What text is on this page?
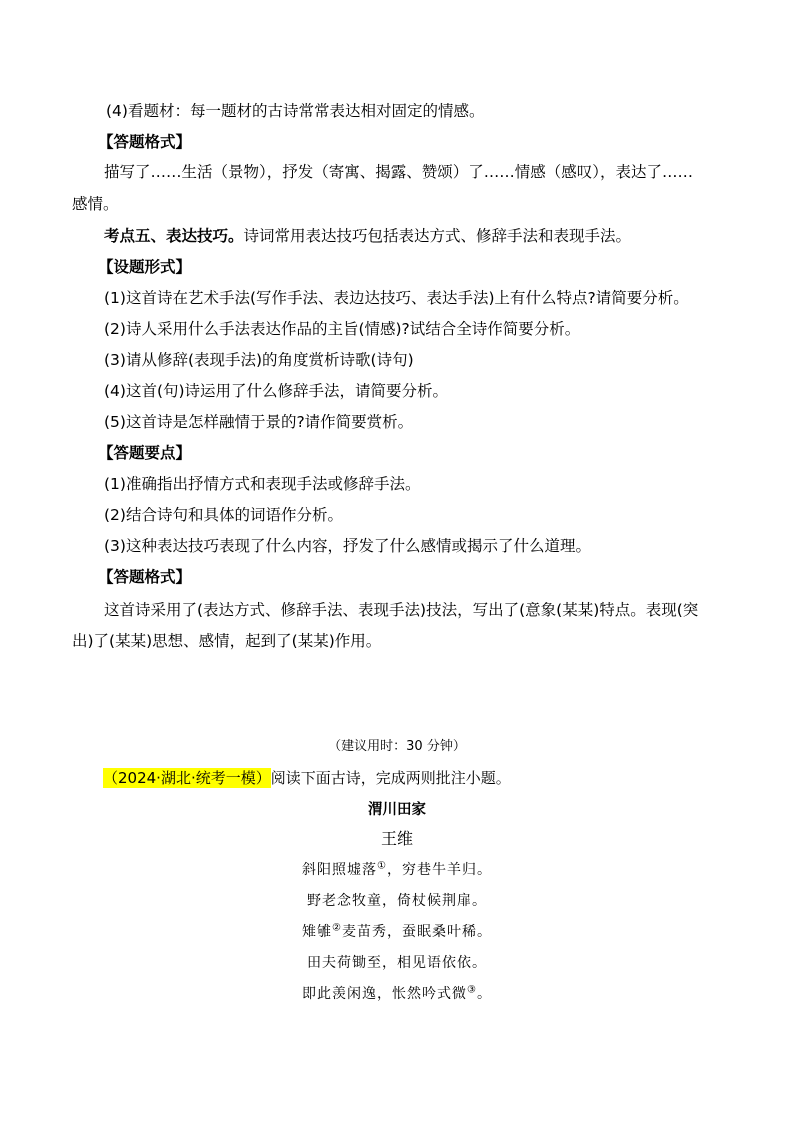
(4)看题材：每一题材的古诗常常表达相对固定的情感。
【答题格式】
描写了……生活（景物），抒发（寄寓、揭露、赞颂）了……情感（感叹），表达了……
感情。
考点五、表达技巧。诗词常用表达技巧包括表达方式、修辞手法和表现手法。
【设题形式】
(1)这首诗在艺术手法(写作手法、表边达技巧、表达手法)上有什么特点?请简要分析。
(2)诗人采用什么手法表达作品的主旨(情感)?试结合全诗作简要分析。
(3)请从修辞(表现手法)的角度赏析诗歌(诗句)
(4)这首(句)诗运用了什么修辞手法，请简要分析。
(5)这首诗是怎样融情于景的?请作简要赏析。
【答题要点】
(1)准确指出抒情方式和表现手法或修辞手法。
(2)结合诗句和具体的词语作分析。
(3)这种表达技巧表现了什么内容，抒发了什么感情或揭示了什么道理。
【答题格式】
这首诗采用了(表达方式、修辞手法、表现手法)技法，写出了(意象(某某)特点。表现(突
出)了(某某)思想、感情，起到了(某某)作用。
（建议用时：30 分钟）
（2024·湖北·统考一模）阅读下面古诗，完成两则批注小题。
渭川田家
王维
斜阳照墟落①，穷巷牛羊归。
野老念牧童，倚杖候荆扉。
雉雊②麦苗秀，蚕眠桑叶稀。
田夫荷锄至，相见语依依。
即此羡闲逸，怅然吟式微③。
